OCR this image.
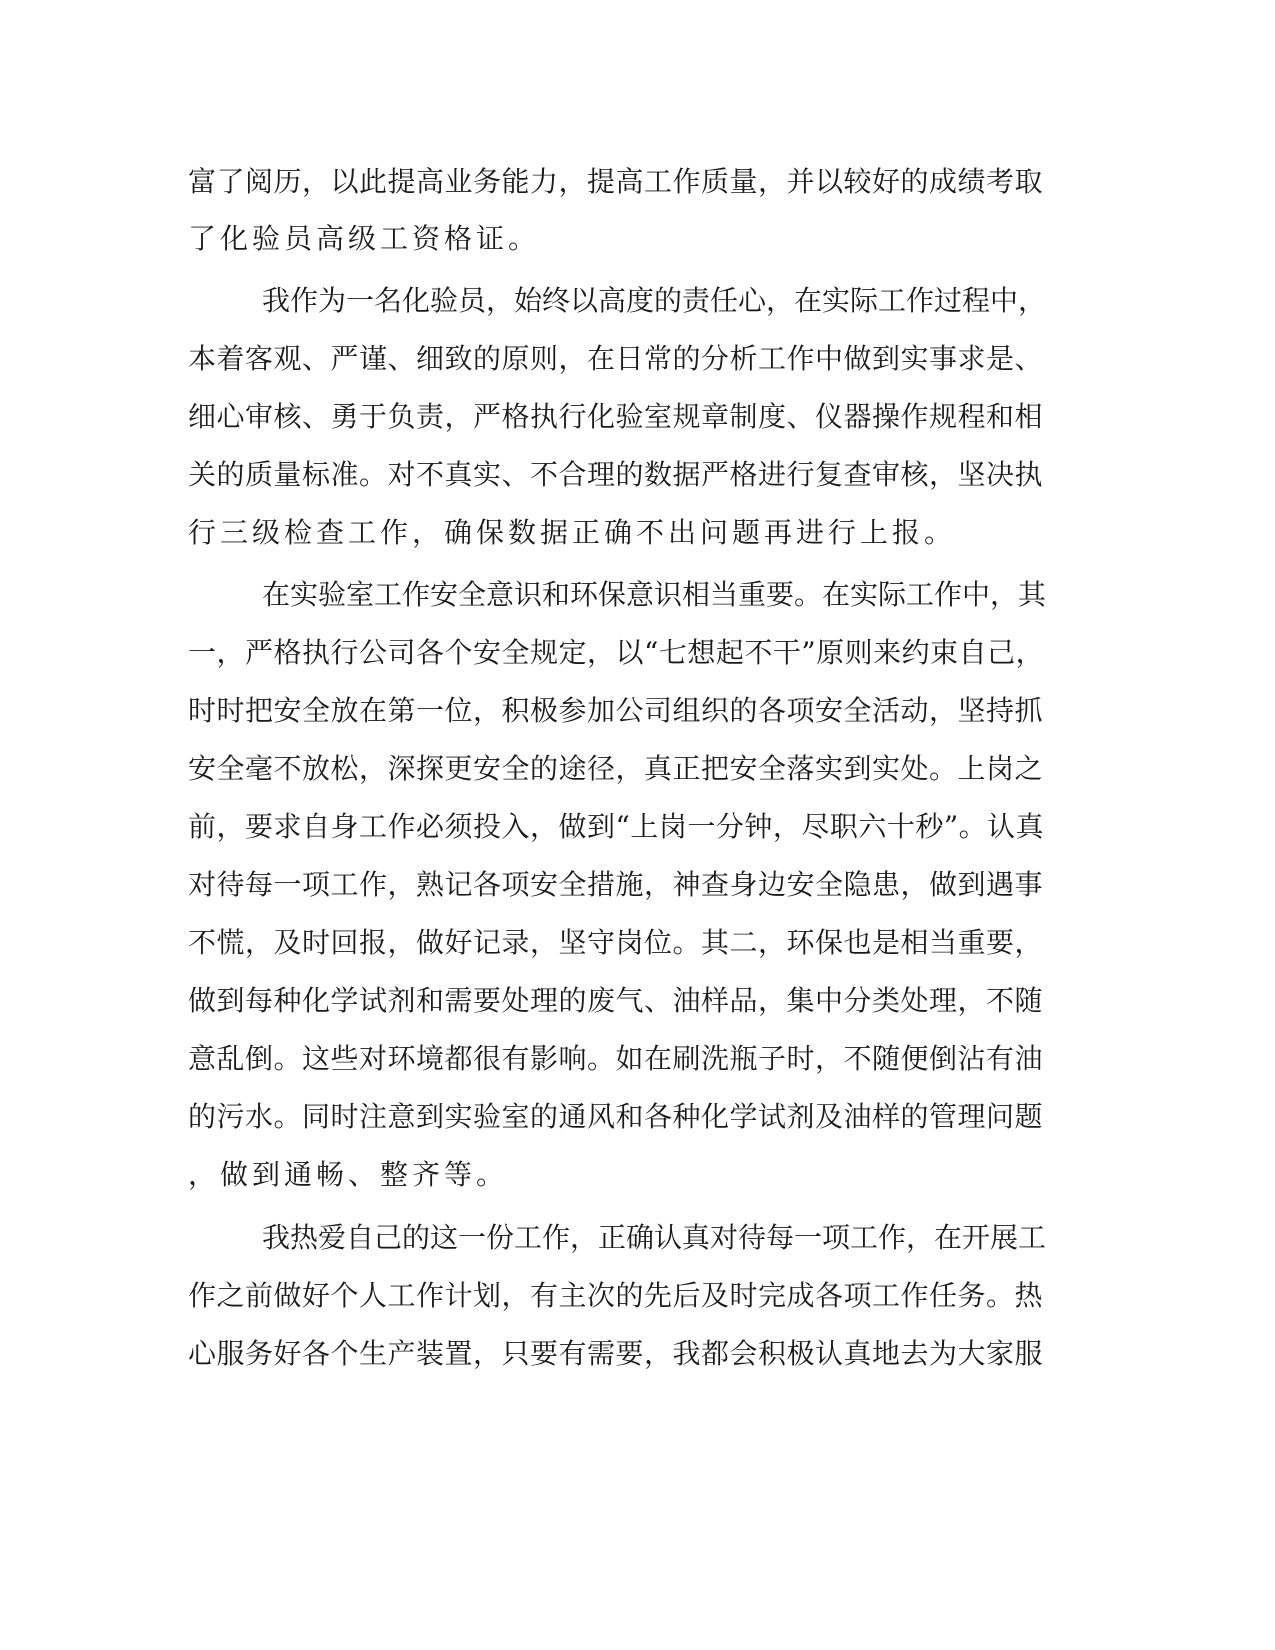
富了阅历，以此提高业务能力，提高工作质量，并以较好的成绩考取
了化验员高级工资格证。
我作为一名化验员，始终以高度的责任心，在实际工作过程中，
本着客观、严谨、细致的原则，在日常的分析工作中做到实事求是、
细心审核、勇于负责，严格执行化验室规章制度、仪器操作规程和相
关的质量标准。对不真实、不合理的数据严格进行复查审核，坚决执
行三级检查工作，确保数据正确不出问题再进行上报。
在实验室工作安全意识和环保意识相当重要。在实际工作中，其
一，严格执行公司各个安全规定，以“七想起不干”原则来约束自己，
时时把安全放在第一位，积极参加公司组织的各项安全活动，坚持抓
安全毫不放松，深探更安全的途径，真正把安全落实到实处。上岗之
前，要求自身工作必须投入，做到“上岗一分钟，尽职六十秒”。认真
对待每一项工作，熟记各项安全措施，神查身边安全隐患，做到遇事
不慌，及时回报，做好记录，坚守岗位。其二，环保也是相当重要，
做到每种化学试剂和需要处理的废气、油样品，集中分类处理，不随
意乱倒。这些对环境都很有影响。如在刷洗瓶子时，不随便倒沾有油
的污水。同时注意到实验室的通风和各种化学试剂及油样的管理问题
，做到通畅、整齐等。
我热爱自己的这一份工作，正确认真对待每一项工作，在开展工
作之前做好个人工作计划，有主次的先后及时完成各项工作任务。热
心服务好各个生产装置，只要有需要，我都会积极认真地去为大家服
